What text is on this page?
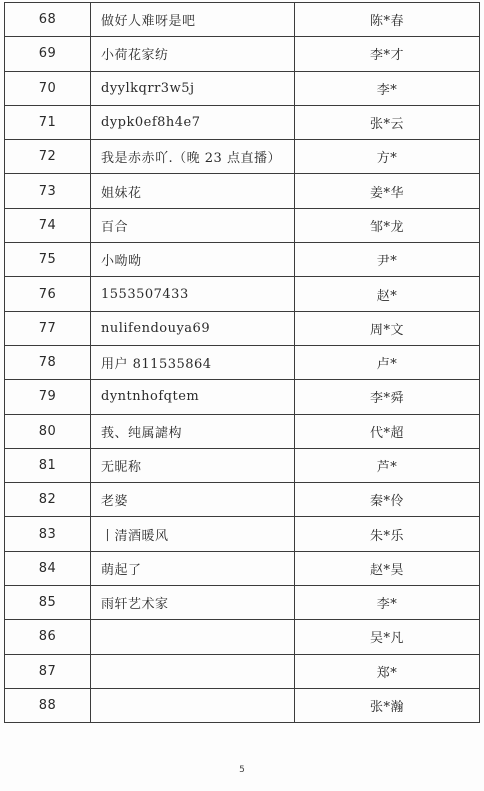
68	做好人难呀是吧	陈*春
69	小荷花家纺	李*才
70	dyylkqrr3w5j	李*
71	dypk0ef8h4e7	张*云
72	我是赤赤吖.（晚 23 点直播）	方*
73	姐妹花	姜*华
74	百合	邹*龙
75	小呦呦	尹*
76	1553507433	赵*
77	nulifendouya69	周*文
78	用户 811535864	卢*
79	dyntnhofqtem	李*舜
80	莪、纯属謔构	代*超
81	无昵称	芦*
82	老婆	秦*伶
83	丨清酒暖风	朱*乐
84	萌起了	赵*昊
85	雨轩艺术家	李*
86		吴*凡
87		郑*
88		张*瀚
5
